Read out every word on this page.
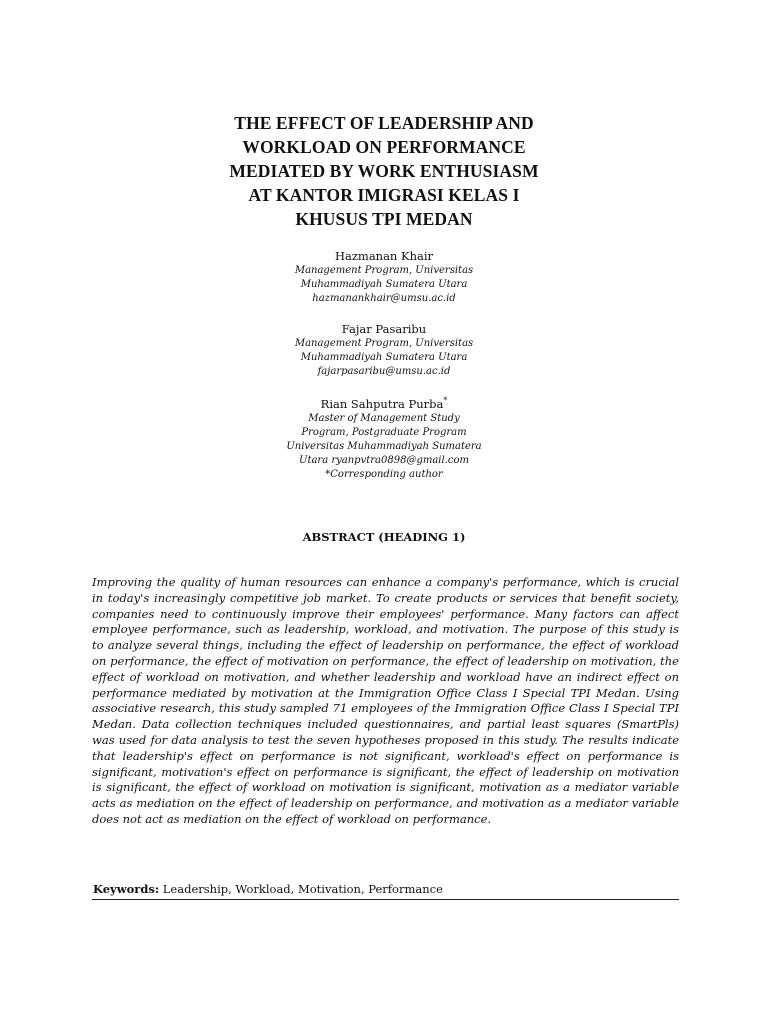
THE EFFECT OF LEADERSHIP AND
WORKLOAD ON PERFORMANCE
MEDIATED BY WORK ENTHUSIASM
AT KANTOR IMIGRASI KELAS I
KHUSUS TPI MEDAN
Hazmanan Khair
Management Program, Universitas
Muhammadiyah Sumatera Utara
hazmanankhair@umsu.ac.id
Fajar Pasaribu
Management Program, Universitas
Muhammadiyah Sumatera Utara
fajarpasaribu@umsu.ac.id
Rian Sahputra Purba*
Master of Management Study
Program, Postgraduate Program
Universitas Muhammadiyah Sumatera
Utara ryanpvtra0898@gmail.com
*Corresponding author
ABSTRACT (HEADING 1)

Improving the quality of human resources can enhance a company's performance, which is crucial in today's increasingly competitive job market. To create products or services that benefit society, companies need to continuously improve their employees' performance. Many factors can affect employee performance, such as leadership, workload, and motivation. The purpose of this study is to analyze several things, including the effect of leadership on performance, the effect of workload on performance, the effect of motivation on performance, the effect of leadership on motivation, the effect of workload on motivation, and whether leadership and workload have an indirect effect on performance mediated by motivation at the Immigration Office Class I Special TPI Medan. Using associative research, this study sampled 71 employees of the Immigration Office Class I Special TPI Medan. Data collection techniques included questionnaires, and partial least squares (SmartPls) was used for data analysis to test the seven hypotheses proposed in this study. The results indicate that leadership's effect on performance is not significant, workload's effect on performance is significant, motivation's effect on performance is significant, the effect of leadership on motivation is significant, the effect of workload on motivation is significant, motivation as a mediator variable acts as mediation on the effect of leadership on performance, and motivation as a mediator variable does not act as mediation on the effect of workload on performance.

Keywords: Leadership, Workload, Motivation, Performance
